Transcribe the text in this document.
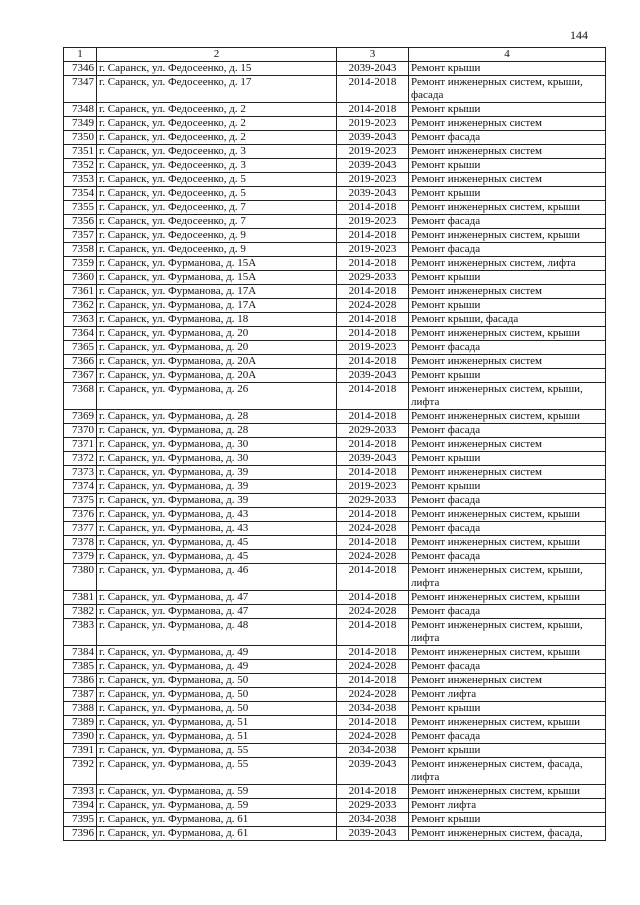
144
1	2	3	4
7346	г. Саранск, ул. Федосеенко, д. 15	2039-2043	Ремонт крыши
7347	г. Саранск, ул. Федосеенко, д. 17	2014-2018	Ремонт инженерных систем, крыши, фасада
7348	г. Саранск, ул. Федосеенко, д. 2	2014-2018	Ремонт крыши
7349	г. Саранск, ул. Федосеенко, д. 2	2019-2023	Ремонт инженерных систем
7350	г. Саранск, ул. Федосеенко, д. 2	2039-2043	Ремонт фасада
7351	г. Саранск, ул. Федосеенко, д. 3	2019-2023	Ремонт инженерных систем
7352	г. Саранск, ул. Федосеенко, д. 3	2039-2043	Ремонт крыши
7353	г. Саранск, ул. Федосеенко, д. 5	2019-2023	Ремонт инженерных систем
7354	г. Саранск, ул. Федосеенко, д. 5	2039-2043	Ремонт крыши
7355	г. Саранск, ул. Федосеенко, д. 7	2014-2018	Ремонт инженерных систем, крыши
7356	г. Саранск, ул. Федосеенко, д. 7	2019-2023	Ремонт фасада
7357	г. Саранск, ул. Федосеенко, д. 9	2014-2018	Ремонт инженерных систем, крыши
7358	г. Саранск, ул. Федосеенко, д. 9	2019-2023	Ремонт фасада
7359	г. Саранск, ул. Фурманова, д. 15А	2014-2018	Ремонт инженерных систем, лифта
7360	г. Саранск, ул. Фурманова, д. 15А	2029-2033	Ремонт крыши
7361	г. Саранск, ул. Фурманова, д. 17А	2014-2018	Ремонт инженерных систем
7362	г. Саранск, ул. Фурманова, д. 17А	2024-2028	Ремонт крыши
7363	г. Саранск, ул. Фурманова, д. 18	2014-2018	Ремонт крыши, фасада
7364	г. Саранск, ул. Фурманова, д. 20	2014-2018	Ремонт инженерных систем, крыши
7365	г. Саранск, ул. Фурманова, д. 20	2019-2023	Ремонт фасада
7366	г. Саранск, ул. Фурманова, д. 20А	2014-2018	Ремонт инженерных систем
7367	г. Саранск, ул. Фурманова, д. 20А	2039-2043	Ремонт крыши
7368	г. Саранск, ул. Фурманова, д. 26	2014-2018	Ремонт инженерных систем, крыши, лифта
7369	г. Саранск, ул. Фурманова, д. 28	2014-2018	Ремонт инженерных систем, крыши
7370	г. Саранск, ул. Фурманова, д. 28	2029-2033	Ремонт фасада
7371	г. Саранск, ул. Фурманова, д. 30	2014-2018	Ремонт инженерных систем
7372	г. Саранск, ул. Фурманова, д. 30	2039-2043	Ремонт крыши
7373	г. Саранск, ул. Фурманова, д. 39	2014-2018	Ремонт инженерных систем
7374	г. Саранск, ул. Фурманова, д. 39	2019-2023	Ремонт крыши
7375	г. Саранск, ул. Фурманова, д. 39	2029-2033	Ремонт фасада
7376	г. Саранск, ул. Фурманова, д. 43	2014-2018	Ремонт инженерных систем, крыши
7377	г. Саранск, ул. Фурманова, д. 43	2024-2028	Ремонт фасада
7378	г. Саранск, ул. Фурманова, д. 45	2014-2018	Ремонт инженерных систем, крыши
7379	г. Саранск, ул. Фурманова, д. 45	2024-2028	Ремонт фасада
7380	г. Саранск, ул. Фурманова, д. 46	2014-2018	Ремонт инженерных систем, крыши, лифта
7381	г. Саранск, ул. Фурманова, д. 47	2014-2018	Ремонт инженерных систем, крыши
7382	г. Саранск, ул. Фурманова, д. 47	2024-2028	Ремонт фасада
7383	г. Саранск, ул. Фурманова, д. 48	2014-2018	Ремонт инженерных систем, крыши, лифта
7384	г. Саранск, ул. Фурманова, д. 49	2014-2018	Ремонт инженерных систем, крыши
7385	г. Саранск, ул. Фурманова, д. 49	2024-2028	Ремонт фасада
7386	г. Саранск, ул. Фурманова, д. 50	2014-2018	Ремонт инженерных систем
7387	г. Саранск, ул. Фурманова, д. 50	2024-2028	Ремонт лифта
7388	г. Саранск, ул. Фурманова, д. 50	2034-2038	Ремонт крыши
7389	г. Саранск, ул. Фурманова, д. 51	2014-2018	Ремонт инженерных систем, крыши
7390	г. Саранск, ул. Фурманова, д. 51	2024-2028	Ремонт фасада
7391	г. Саранск, ул. Фурманова, д. 55	2034-2038	Ремонт крыши
7392	г. Саранск, ул. Фурманова, д. 55	2039-2043	Ремонт инженерных систем, фасада, лифта
7393	г. Саранск, ул. Фурманова, д. 59	2014-2018	Ремонт инженерных систем, крыши
7394	г. Саранск, ул. Фурманова, д. 59	2029-2033	Ремонт лифта
7395	г. Саранск, ул. Фурманова, д. 61	2034-2038	Ремонт крыши
7396	г. Саранск, ул. Фурманова, д. 61	2039-2043	Ремонт инженерных систем, фасада,
